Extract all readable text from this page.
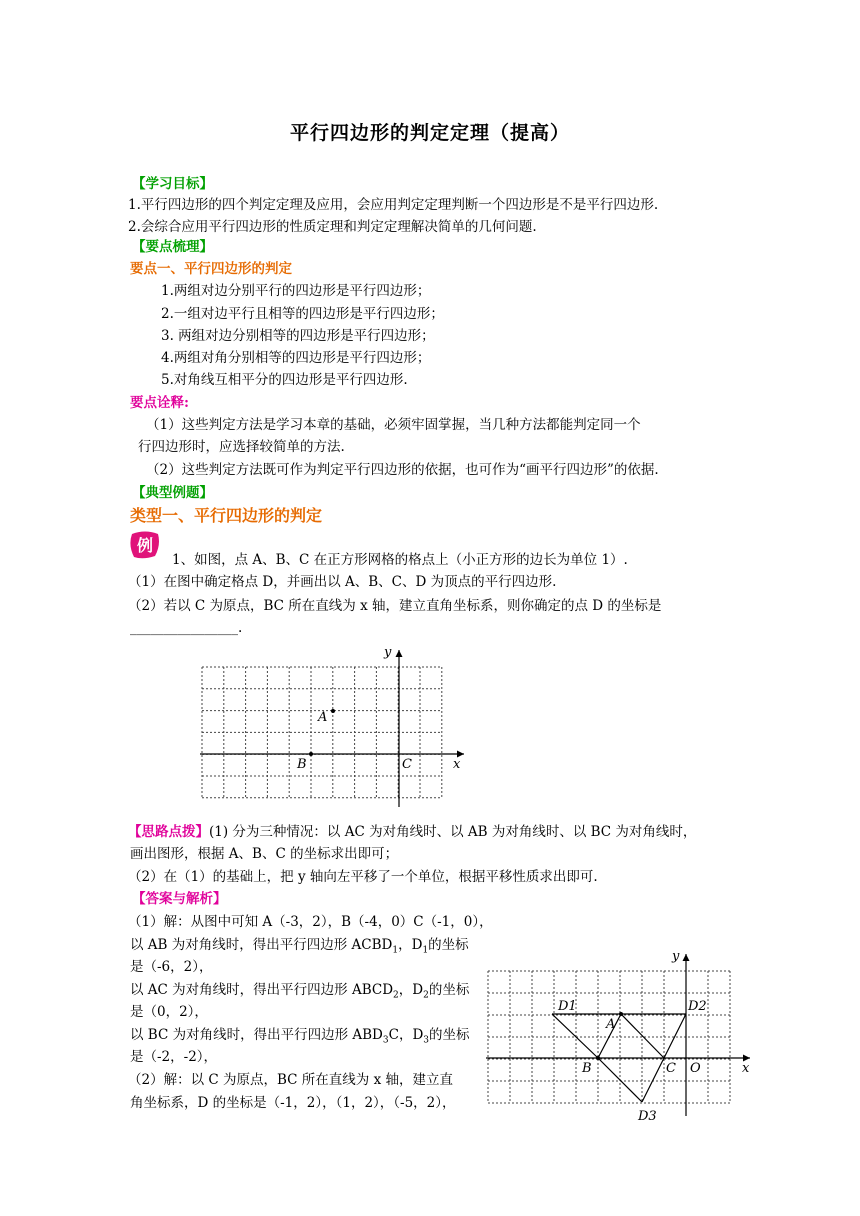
平行四边形的判定定理（提高）
【学习目标】
1.平行四边形的四个判定定理及应用，会应用判定定理判断一个四边形是不是平行四边形.
2.会综合应用平行四边形的性质定理和判定定理解决简单的几何问题.
【要点梳理】
要点一、平行四边形的判定
1.两组对边分别平行的四边形是平行四边形；
2.一组对边平行且相等的四边形是平行四边形；
3. 两组对边分别相等的四边形是平行四边形；
4.两组对角分别相等的四边形是平行四边形；
5.对角线互相平分的四边形是平行四边形.
要点诠释:
（1）这些判定方法是学习本章的基础，必须牢固掌握，当几种方法都能判定同一个
行四边形时，应选择较简单的方法.
（2）这些判定方法既可作为判定平行四边形的依据，也可作为“画平行四边形”的依据.
【典型例题】
类型一、平行四边形的判定
例
1、如图，点 A、B、C 在正方形网格的格点上（小正方形的边长为单位 1）.
（1）在图中确定格点 D，并画出以 A、B、C、D 为顶点的平行四边形.
（2）若以 C 为原点，BC 所在直线为 x 轴，建立直角坐标系，则你确定的点 D 的坐标是
________________.
y
x
A
B	C
【思路点拨】(1) 分为三种情况：以 AC 为对角线时、以 AB 为对角线时、以 BC 为对角线时，
画出图形，根据 A、B、C 的坐标求出即可；
（2）在（1）的基础上，把 y 轴向左平移了一个单位，根据平移性质求出即可.
【答案与解析】
（1）解：从图中可知 A（-3，2），B（-4，0）C（-1，0），
以 AB 为对角线时，得出平行四边形 $ACBD_1$，$D_1$的坐标
是（-6，2），
以 AC 为对角线时，得出平行四边形 $ABCD_2$，$D_2$的坐标
是（0，2），
以 BC 为对角线时，得出平行四边形 $ABD_3C$，$D_3$的坐标
是（-2，-2），
（2）解：以 C 为原点，BC 所在直线为 x 轴，建立直
角坐标系，D 的坐标是（-1，2），（1，2），（-5，2），
y
x
A
B	C O
D1	D2
D3
